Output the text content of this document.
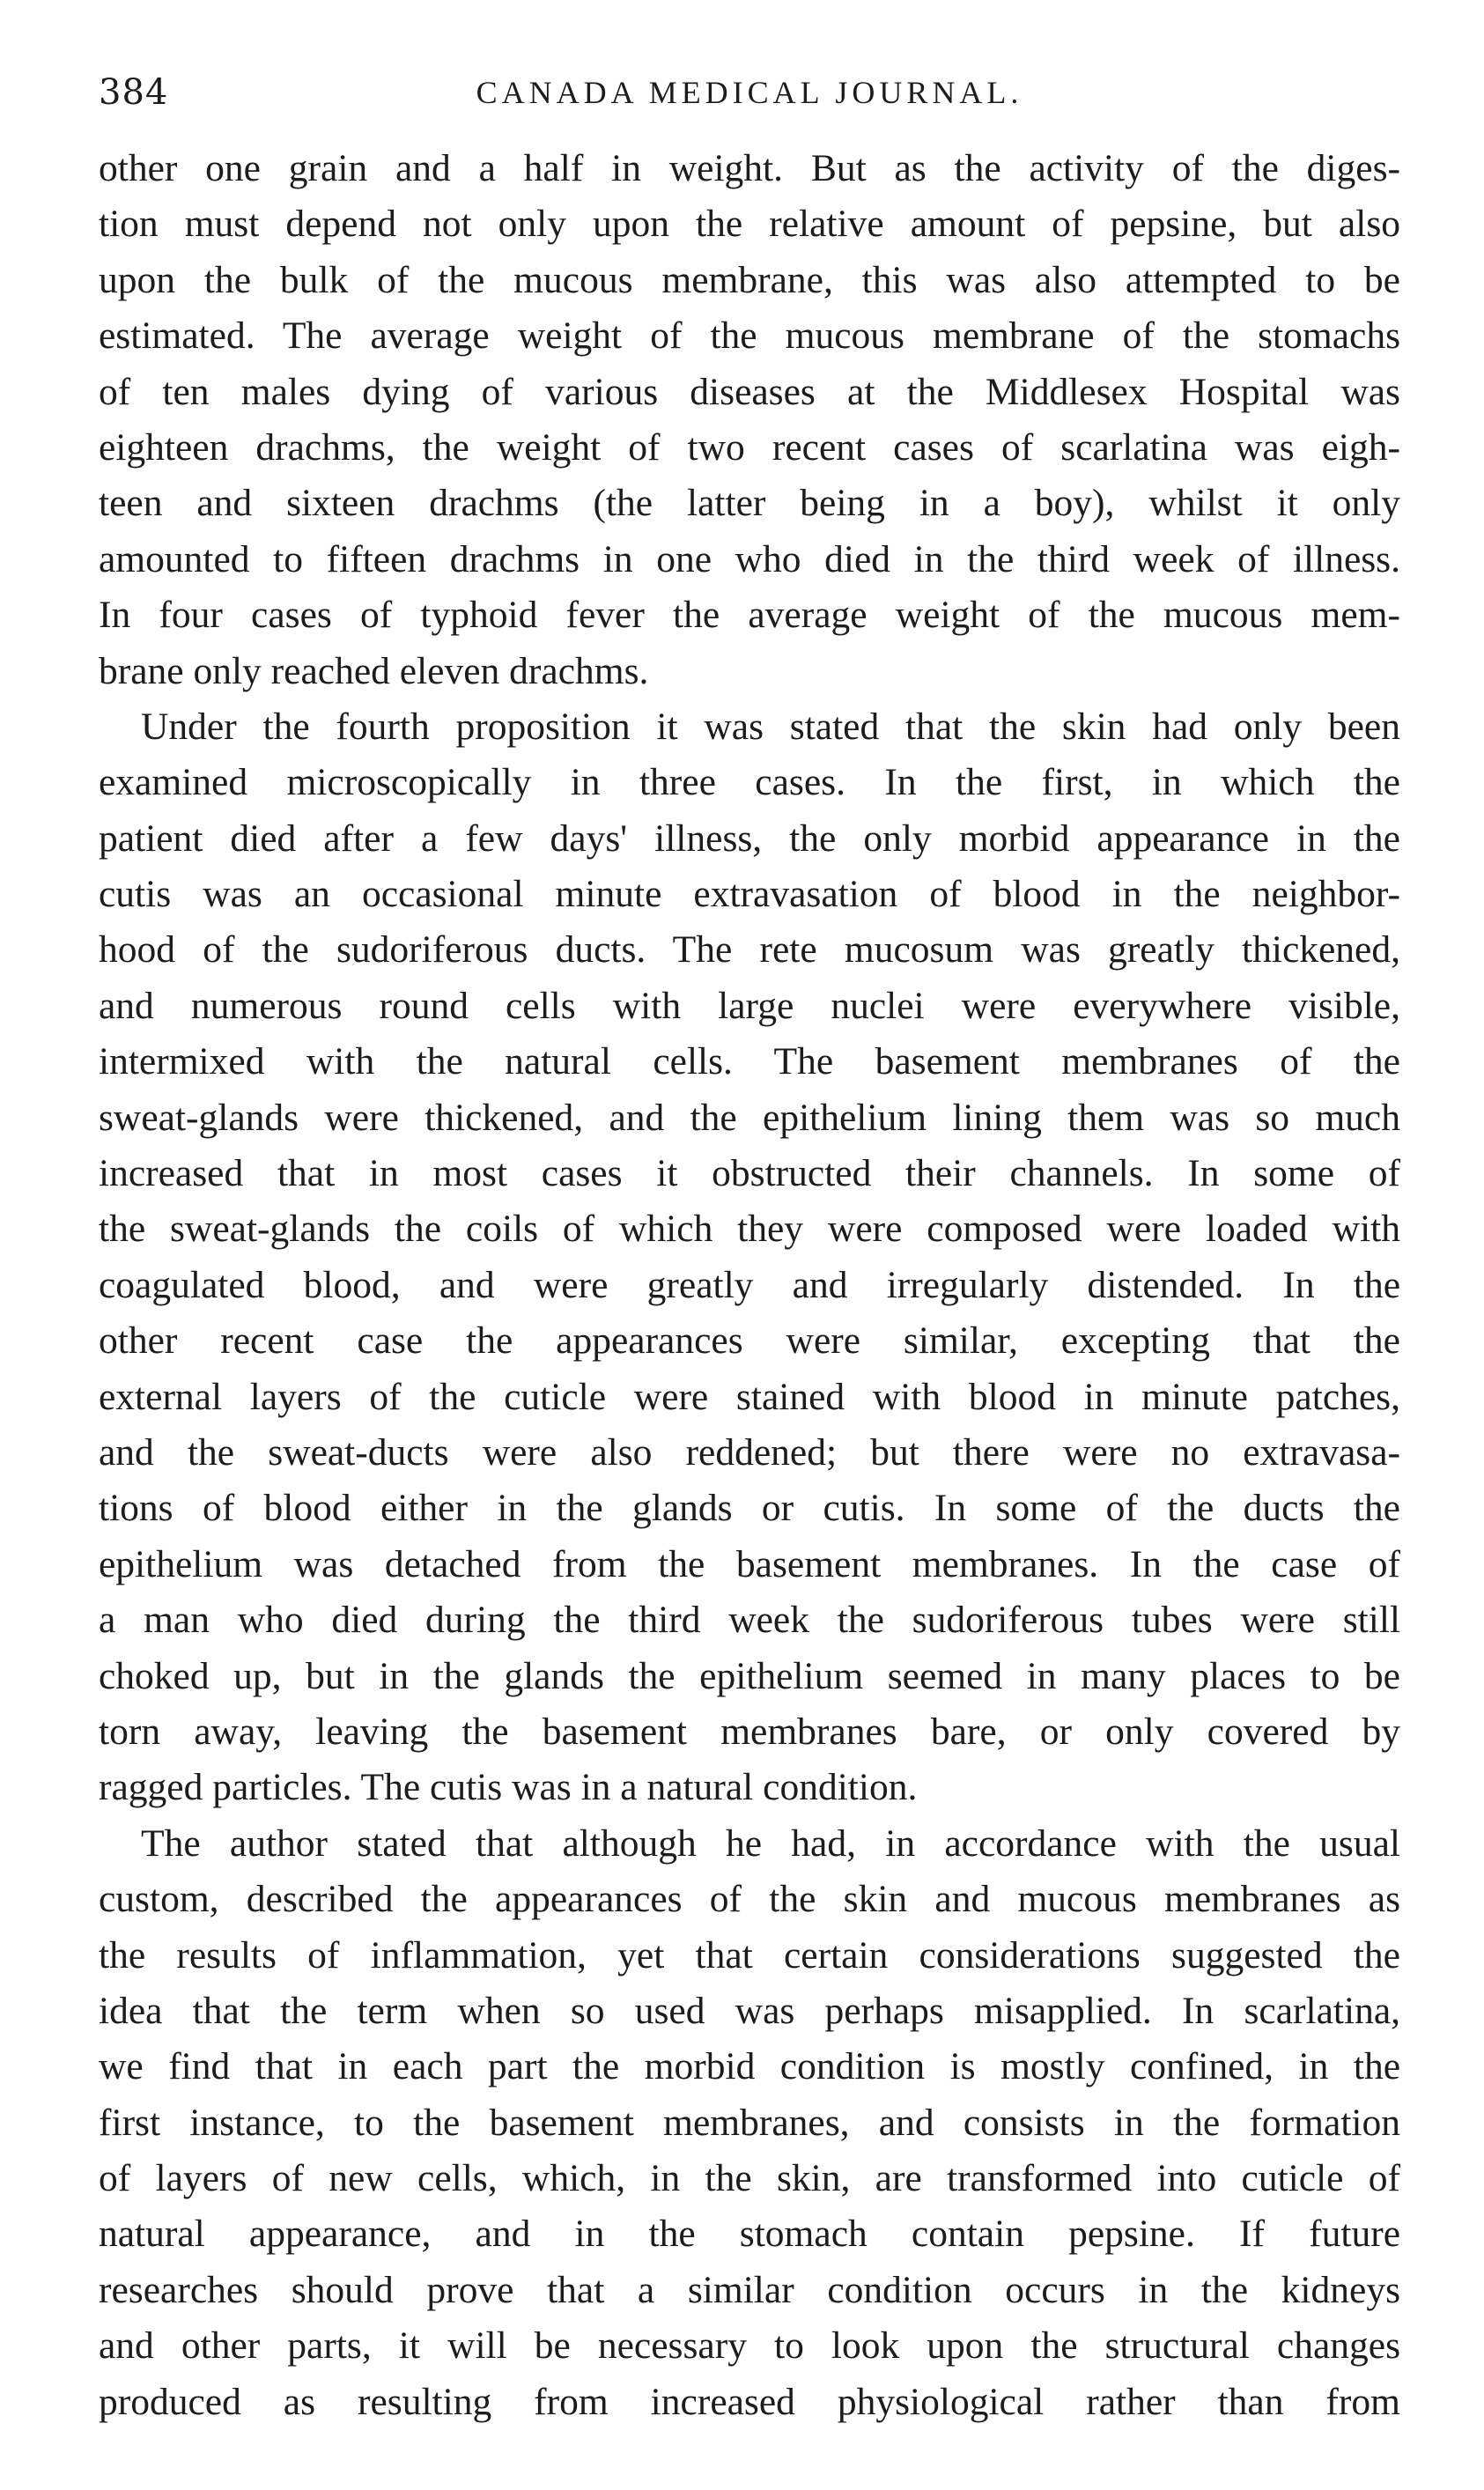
384	CANADA MEDICAL JOURNAL.
other one grain and a half in weight. But as the activity of the diges-
tion must depend not only upon the relative amount of pepsine, but also
upon the bulk of the mucous membrane, this was also attempted to be
estimated. The average weight of the mucous membrane of the stomachs
of ten males dying of various diseases at the Middlesex Hospital was
eighteen drachms, the weight of two recent cases of scarlatina was eigh-
teen and sixteen drachms (the latter being in a boy), whilst it only
amounted to fifteen drachms in one who died in the third week of illness.
In four cases of typhoid fever the average weight of the mucous mem-
brane only reached eleven drachms.
Under the fourth proposition it was stated that the skin had only been
examined microscopically in three cases. In the first, in which the
patient died after a few days' illness, the only morbid appearance in the
cutis was an occasional minute extravasation of blood in the neighbor-
hood of the sudoriferous ducts. The rete mucosum was greatly thickened,
and numerous round cells with large nuclei were everywhere visible,
intermixed with the natural cells. The basement membranes of the
sweat-glands were thickened, and the epithelium lining them was so much
increased that in most cases it obstructed their channels. In some of
the sweat-glands the coils of which they were composed were loaded with
coagulated blood, and were greatly and irregularly distended. In the
other recent case the appearances were similar, excepting that the
external layers of the cuticle were stained with blood in minute patches,
and the sweat-ducts were also reddened; but there were no extravasa-
tions of blood either in the glands or cutis. In some of the ducts the
epithelium was detached from the basement membranes. In the case of
a man who died during the third week the sudoriferous tubes were still
choked up, but in the glands the epithelium seemed in many places to be
torn away, leaving the basement membranes bare, or only covered by
ragged particles. The cutis was in a natural condition.
The author stated that although he had, in accordance with the usual
custom, described the appearances of the skin and mucous membranes as
the results of inflammation, yet that certain considerations suggested the
idea that the term when so used was perhaps misapplied. In scarlatina,
we find that in each part the morbid condition is mostly confined, in the
first instance, to the basement membranes, and consists in the formation
of layers of new cells, which, in the skin, are transformed into cuticle of
natural appearance, and in the stomach contain pepsine. If future
researches should prove that a similar condition occurs in the kidneys
and other parts, it will be necessary to look upon the structural changes
produced as resulting from increased physiological rather than from
